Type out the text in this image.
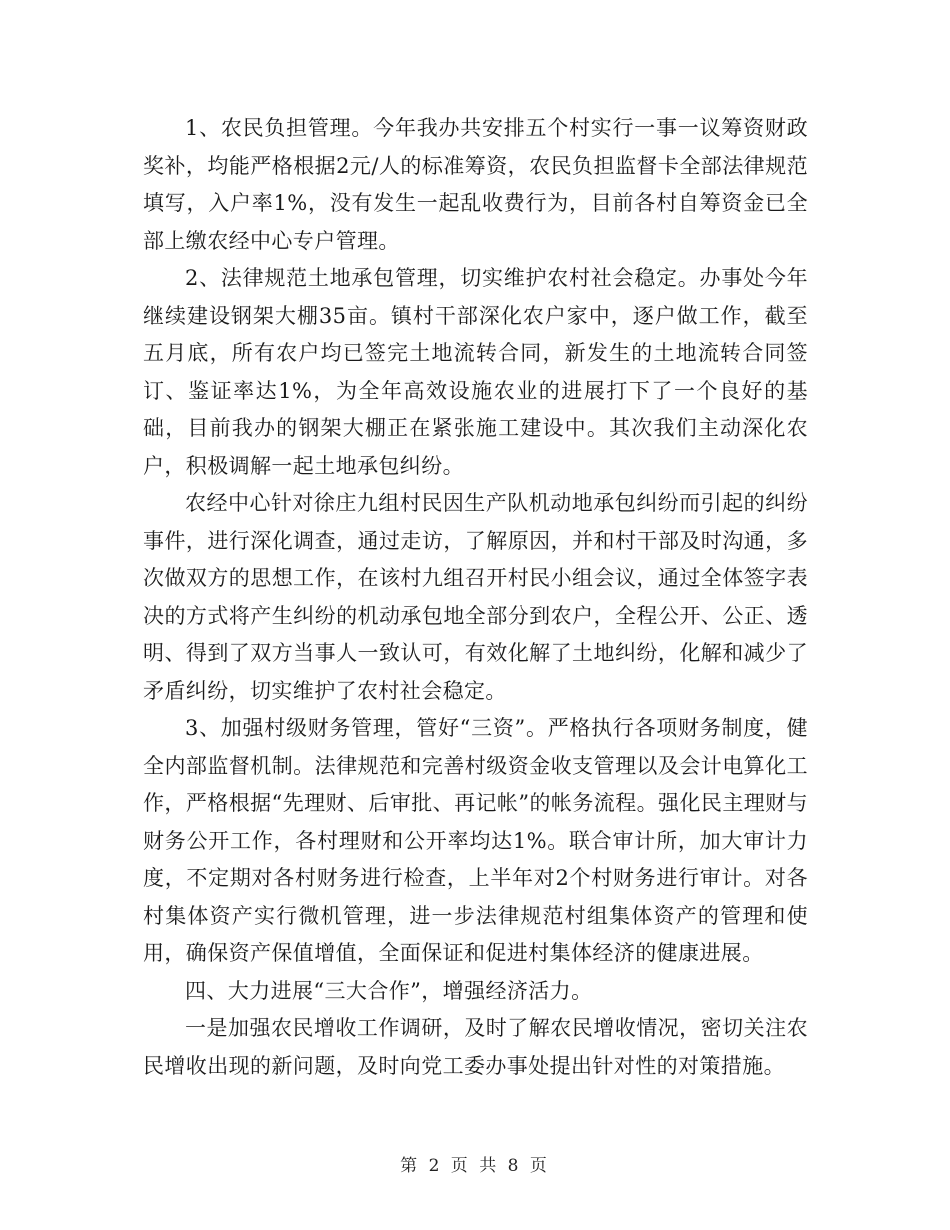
1、农民负担管理。今年我办共安排五个村实行一事一议筹资财政奖补，均能严格根据2元/人的标准筹资，农民负担监督卡全部法律规范填写，入户率1%，没有发生一起乱收费行为，目前各村自筹资金已全部上缴农经中心专户管理。

2、法律规范土地承包管理，切实维护农村社会稳定。办事处今年继续建设钢架大棚35亩。镇村干部深化农户家中，逐户做工作，截至五月底，所有农户均已签完土地流转合同，新发生的土地流转合同签订、鉴证率达1%，为全年高效设施农业的进展打下了一个良好的基础，目前我办的钢架大棚正在紧张施工建设中。其次我们主动深化农户，积极调解一起土地承包纠纷。

农经中心针对徐庄九组村民因生产队机动地承包纠纷而引起的纠纷事件，进行深化调查，通过走访，了解原因，并和村干部及时沟通，多次做双方的思想工作，在该村九组召开村民小组会议，通过全体签字表决的方式将产生纠纷的机动承包地全部分到农户，全程公开、公正、透明、得到了双方当事人一致认可，有效化解了土地纠纷，化解和减少了矛盾纠纷，切实维护了农村社会稳定。

3、加强村级财务管理，管好“三资”。严格执行各项财务制度，健全内部监督机制。法律规范和完善村级资金收支管理以及会计电算化工作，严格根据“先理财、后审批、再记帐”的帐务流程。强化民主理财与财务公开工作，各村理财和公开率均达1%。联合审计所，加大审计力度，不定期对各村财务进行检查，上半年对2个村财务进行审计。对各村集体资产实行微机管理，进一步法律规范村组集体资产的管理和使用，确保资产保值增值，全面保证和促进村集体经济的健康进展。

四、大力进展“三大合作”，增强经济活力。

一是加强农民增收工作调研，及时了解农民增收情况，密切关注农民增收出现的新问题，及时向党工委办事处提出针对性的对策措施。

第 2 页 共 8 页
